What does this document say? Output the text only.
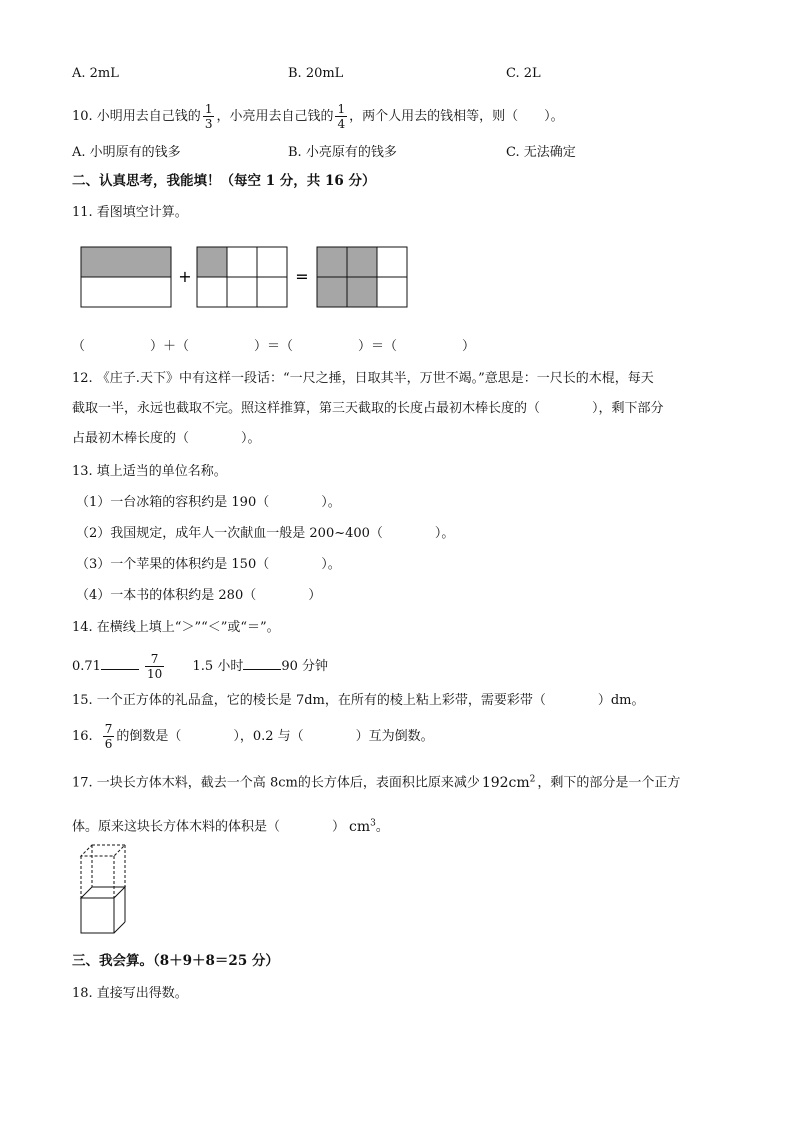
A. 2mL	B. 20mL	C. 2L
10. 小明用去自己钱的 $\frac{1}{3}$ ，小亮用去自己钱的 $\frac{1}{4}$ ，两个人用去的钱相等，则（　　）。
A. 小明原有的钱多	B. 小亮原有的钱多	C. 无法确定
二、认真思考，我能填！（每空 1 分，共 16 分）
11. 看图填空计算。
+	=
（　　　　　）＋（　　　　　）＝（　　　　　）＝（　　　　　）
12. 《庄子.天下》中有这样一段话：“一尺之捶，日取其半，万世不竭。”意思是：一尺长的木棍，每天
截取一半，永远也截取不完。照这样推算，第三天截取的长度占最初木棒长度的（　　　　），剩下部分
占最初木棒长度的（　　　　）。
13. 填上适当的单位名称。
（1）一台冰箱的容积约是 190（　　　　）。
（2）我国规定，成年人一次献血一般是 200~400（　　　　）。
（3）一个苹果的体积约是 150（　　　　）。
（4）一本书的体积约是 280（　　　　）
14. 在横线上填上“＞”“＜”或“＝”。
0.71	$\frac{7}{10} 1.5$ 小时	90 分钟
15. 一个正方体的礼品盒，它的棱长是 7dm，在所有的棱上粘上彩带，需要彩带（　　　　）dm。
16. $\frac{7}{6}$ 的倒数是（　　　　），0.2 与（　　　　）互为倒数。
17. 一块长方体木料，截去一个高 8cm的长方体后，表面积比原来减少 $192cm^2$ ，剩下的部分是一个正方
体。原来这块长方体木料的体积是（　　　　） $cm^3$。
三、我会算。（8＋9＋8＝25 分）
18. 直接写出得数。
